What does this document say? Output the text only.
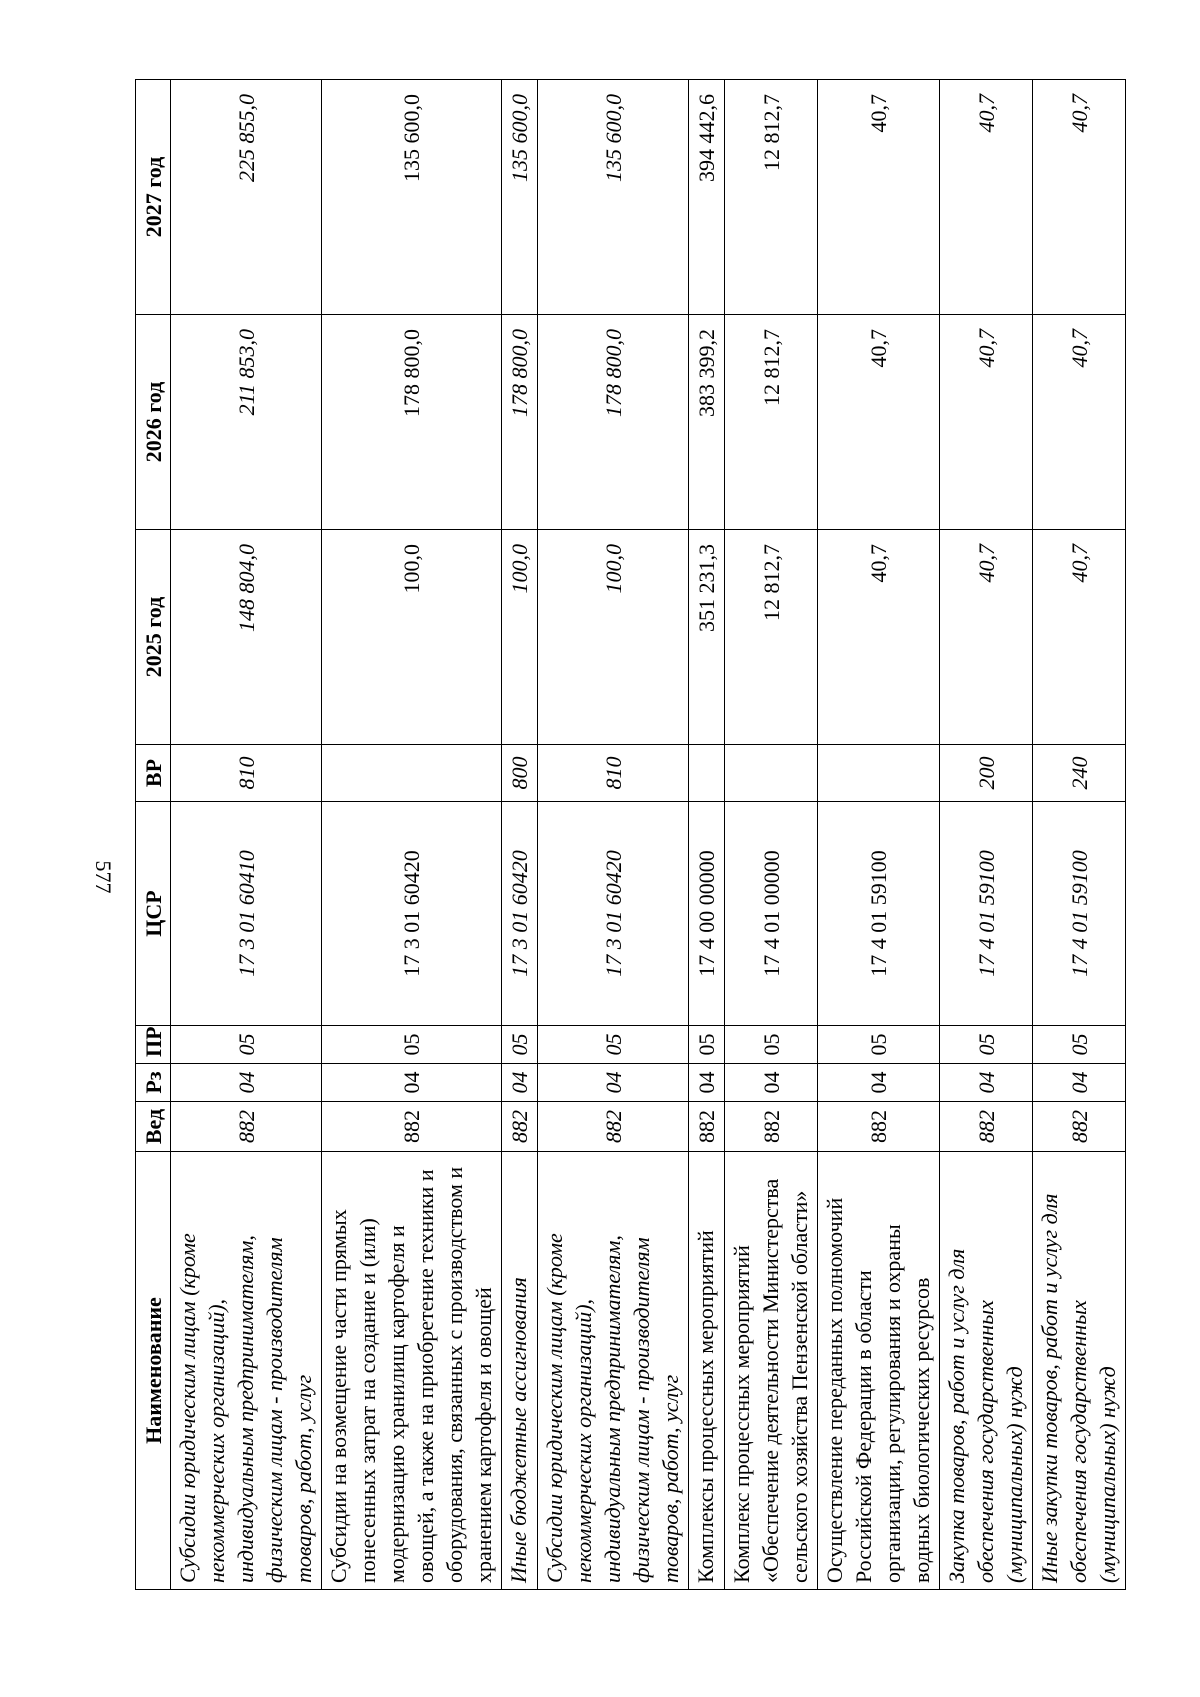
577
Наименование	Вед	Рз	ПР	ЦСР	ВР	2025 год	2026 год	2027 год
Субсидии юридическим лицам (кроме некоммерческих организаций), индивидуальным предпринимателям, физическим лицам - производителям товаров, работ, услуг	882	04	05	17 3 01 60410	810	148 804,0	211 853,0	225 855,0
Субсидии на возмещение части прямых понесенных затрат на создание и (или) модернизацию хранилищ картофеля и овощей, а также на приобретение техники и оборудования, связанных с производством и хранением картофеля и овощей	882	04	05	17 3 01 60420		100,0	178 800,0	135 600,0
Иные бюджетные ассигнования	882	04	05	17 3 01 60420	800	100,0	178 800,0	135 600,0
Субсидии юридическим лицам (кроме некоммерческих организаций), индивидуальным предпринимателям, физическим лицам - производителям товаров, работ, услуг	882	04	05	17 3 01 60420	810	100,0	178 800,0	135 600,0
Комплексы процессных мероприятий	882	04	05	17 4 00 00000		351 231,3	383 399,2	394 442,6
Комплекс процессных мероприятий «Обеспечение деятельности Министерства сельского хозяйства Пензенской области»	882	04	05	17 4 01 00000		12 812,7	12 812,7	12 812,7
Осуществление переданных полномочий Российской Федерации в области организации, регулирования и охраны водных биологических ресурсов	882	04	05	17 4 01 59100		40,7	40,7	40,7
Закупка товаров, работ и услуг для обеспечения государственных (муниципальных) нужд	882	04	05	17 4 01 59100	200	40,7	40,7	40,7
Иные закупки товаров, работ и услуг для обеспечения государственных (муниципальных) нужд	882	04	05	17 4 01 59100	240	40,7	40,7	40,7
